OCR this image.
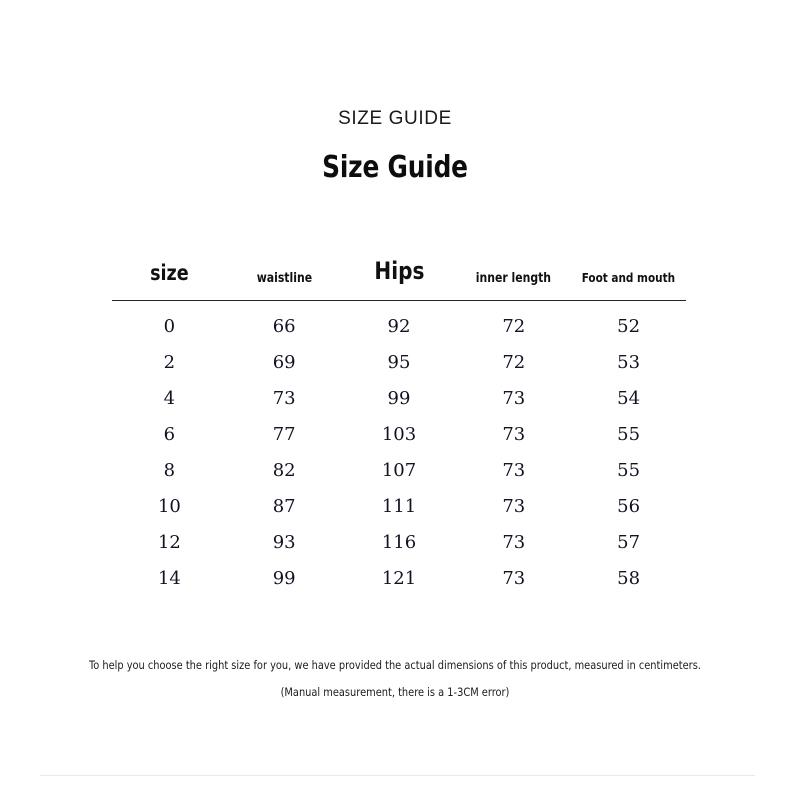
SIZE GUIDE
Size Guide
size	waistline	Hips	inner length	Foot and mouth
0	66	92	72	52
2	69	95	72	53
4	73	99	73	54
6	77	103	73	55
8	82	107	73	55
10	87	111	73	56
12	93	116	73	57
14	99	121	73	58
To help you choose the right size for you, we have provided the actual dimensions of this product, measured in centimeters.
(Manual measurement, there is a 1-3CM error)
